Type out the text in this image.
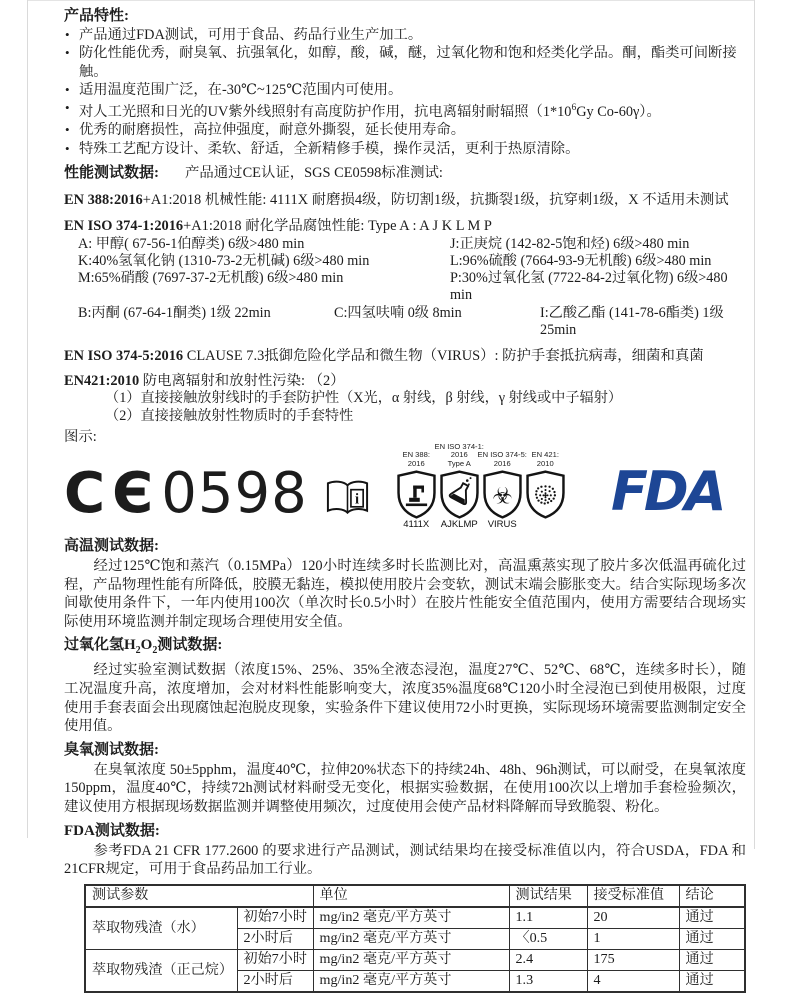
产品特性:
• 产品通过FDA测试，可用于食品、药品行业生产加工。
• 防化性能优秀，耐臭氧、抗强氧化，如醇，酸，碱，醚，过氧化物和饱和烃类化学品。酮，酯类可间断接触。
• 适用温度范围广泛，在-30℃~125℃范围内可使用。
• 对人工光照和日光的UV紫外线照射有高度防护作用，抗电离辐射耐辐照（$1*10^6Gy$ Co-60γ）。
• 优秀的耐磨损性，高拉伸强度，耐意外撕裂，延长使用寿命。
• 特殊工艺配方设计、柔软、舒适，全新精修手模，操作灵活，更利于热原清除。
性能测试数据: 产品通过CE认证，SGS CE0598标准测试:

EN 388:2016+A1:2018 机械性能: 4111X 耐磨损4级，防切割1级，抗撕裂1级，抗穿刺1级，X 不适用未测试

EN ISO 374-1:2016+A1:2018 耐化学品腐蚀性能: Type A : A J K L M P

A: 甲醇( 67-56-1伯醇类) 6级>480 min	J:正庚烷 (142-82-5饱和烃) 6级>480 min
K:40%氢氧化钠 (1310-73-2无机碱) 6级>480 min	L:96%硫酸 (7664-93-9无机酸) 6级>480 min
M:65%硝酸 (7697-37-2无机酸) 6级>480 min	P:30%过氧化氢 (7722-84-2过氧化物) 6级>480 min
B:丙酮 (67-64-1酮类) 1级 22min	C:四氢呋喃 0级 8min	I:乙酸乙酯 (141-78-6酯类) 1级 25min

EN ISO 374-5:2016 CLAUSE 7.3抵御危险化学品和微生物（VIRUS）: 防护手套抵抗病毒，细菌和真菌

EN421:2010 防电离辐射和放射性污染: （2）

（1）直接接触放射线时的手套防护性（X光，α 射线，β 射线，γ 射线或中子辐射）
（2）直接接触放射性物质时的手套特性
图示:
C Є 0598	i
EN 388:
2016
4111X
EN ISO 374-1:
2016
Type A
AJKLMP
EN ISO 374-5:
2016
☣
VIRUS
EN 421:
2010	FDA
高温测试数据:

经过125℃饱和蒸汽（0.15MPa）120小时连续多时长监测比对，高温熏蒸实现了胶片多次低温再硫化过程，产品物理性能有所降低，胶膜无黏连，模拟使用胶片会变软，测试末端会膨胀变大。结合实际现场多次间歇使用条件下，一年内使用100次（单次时长0.5小时）在胶片性能安全值范围内，使用方需要结合现场实际使用环境监测并制定现场合理使用安全值。

过氧化氢$H_2O_2$测试数据:

经过实验室测试数据（浓度15%、25%、35%全液态浸泡，温度27℃、52℃、68℃，连续多时长），随工况温度升高，浓度增加，会对材料性能影响变大，浓度35%温度68℃120小时全浸泡已到使用极限，过度使用手套表面会出现腐蚀起泡脱皮现象，实验条件下建议使用72小时更换，实际现场环境需要监测制定安全使用值。

臭氧测试数据:

在臭氧浓度 50±5pphm，温度40℃，拉伸20%状态下的持续24h、48h、96h测试，可以耐受，在臭氧浓度150ppm，温度40℃，持续72h测试材料耐受无变化，根据实验数据，在使用100次以上增加手套检验频次，建议使用方根据现场数据监测并调整使用频次，过度使用会使产品材料降解而导致脆裂、粉化。

FDA测试数据:

参考FDA 21 CFR 177.2600 的要求进行产品测试，测试结果均在接受标准值以内，符合USDA，FDA 和21CFR规定，可用于食品药品加工行业。

测试参数		单位	测试结果	接受标准值	结论
萃取物残渣（水）	初始7小时	mg/in2 毫克/平方英寸	1.1	20	通过
	2小时后	mg/in2 毫克/平方英寸	〈0.5	1	通过
萃取物残渣（正己烷）	初始7小时	mg/in2 毫克/平方英寸	2.4	175	通过
	2小时后	mg/in2 毫克/平方英寸	1.3	4	通过
